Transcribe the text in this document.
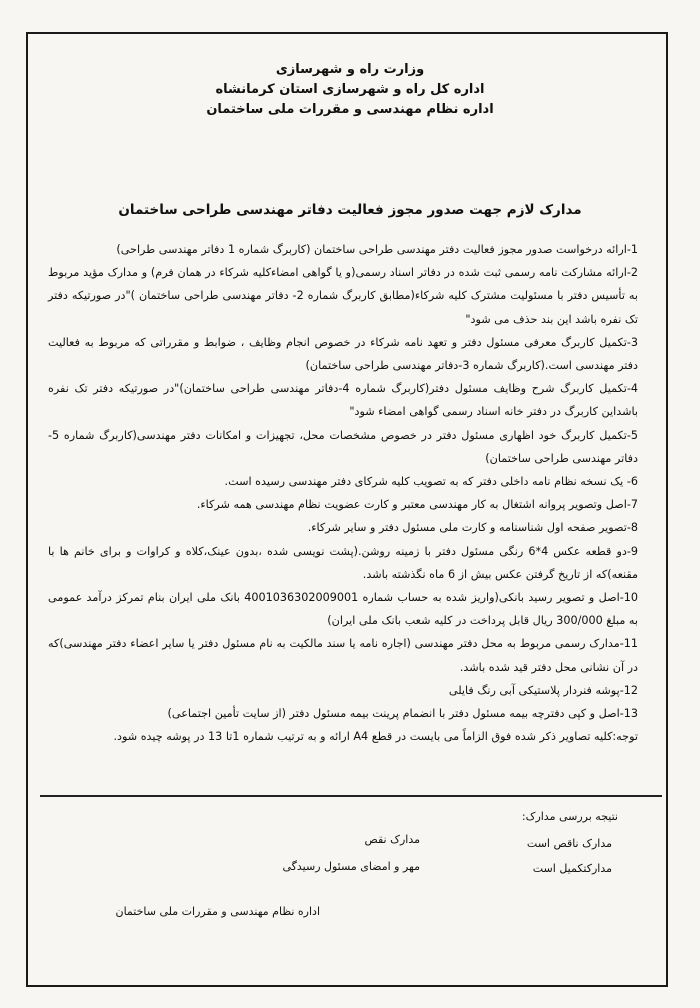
وزارت راه و شهرسازی
اداره کل راه و شهرسازی استان کرمانشاه
اداره نظام مهندسی و مقررات ملی ساختمان
مدارک لازم جهت صدور مجوز فعالیت دفاتر مهندسی طراحی ساختمان

1-ارائه درخواست صدور مجوز فعالیت دفتر مهندسی طراحی ساختمان (کاربرگ شماره 1 دفاتر مهندسی طراحی)

2-ارائه مشارکت نامه رسمی ثبت شده در دفاتر اسناد رسمی(و یا گواهی امضاءکلیه شرکاء در همان فرم) و مدارک مؤید مربوط به تأسیس دفتر با مسئولیت مشترک کلیه شرکاء(مطابق کاربرگ شماره 2- دفاتر مهندسی طراحی ساختمان )"در صورتیکه دفتر تک نفره باشد این بند حذف می شود"

3-تکمیل کاربرگ معرفی مسئول دفتر و تعهد نامه شرکاء در خصوص انجام وظایف ، ضوابط و مقرراتی که مربوط به فعالیت دفتر مهندسی است.(کاربرگ شماره 3-دفاتر مهندسی طراحی ساختمان)

4-تکمیل کاربرگ شرح وظایف مسئول دفتر(کاربرگ شماره 4-دفاتر مهندسی طراحی ساختمان)"در صورتیکه دفتر تک نفره باشداین کاربرگ در دفتر خانه اسناد رسمی گواهی امضاء شود"

5-تکمیل کاربرگ خود اظهاری مسئول دفتر در خصوص مشخصات محل، تجهیزات و امکانات دفتر مهندسی(کاربرگ شماره 5-دفاتر مهندسی طراحی ساختمان)

6- یک نسخه نظام نامه داخلی دفتر که به تصویب کلیه شرکای دفتر مهندسی رسیده است.

7-اصل وتصویر پروانه اشتغال به کار مهندسی معتبر و کارت عضویت نظام مهندسی همه شرکاء.

8-تصویر صفحه اول شناسنامه و کارت ملی مسئول دفتر و سایر شرکاء.

9-دو قطعه عکس 4*6 رنگی مسئول دفتر با زمینه روشن.(پشت نویسی شده ،بدون عینک،کلاه و کراوات و برای خانم ها با مقنعه)که از تاریخ گرفتن عکس بیش از 6 ماه نگذشته باشد.

10-اصل و تصویر رسید بانکی(واریز شده به حساب شماره 4001036302009001 بانک ملی ایران بنام تمرکز درآمد عمومی به مبلغ 300/000 ریال قابل پرداخت در کلیه شعب بانک ملی ایران)

11-مدارک رسمی مربوط به محل دفتر مهندسی (اجاره نامه یا سند مالکیت به نام مسئول دفتر یا سایر اعضاء دفتر مهندسی)که در آن نشانی محل دفتر قید شده باشد.

12-پوشه فنردار پلاستیکی آبی رنگ فایلی

13-اصل و کپی دفترچه بیمه مسئول دفتر با انضمام پرینت بیمه مسئول دفتر (از سایت تأمین اجتماعی)

توجه:کلیه تصاویر ذکر شده فوق الزاماً می بایست در قطع A4 ارائه و به ترتیب شماره 1تا 13 در پوشه چیده شود.

نتیجه بررسی مدارک:
مدارک ناقص است
مدارکتکمیل است
مدارک نقص
مهر و امضای مسئول رسیدگی
اداره نظام مهندسی و مقررات ملی ساختمان
